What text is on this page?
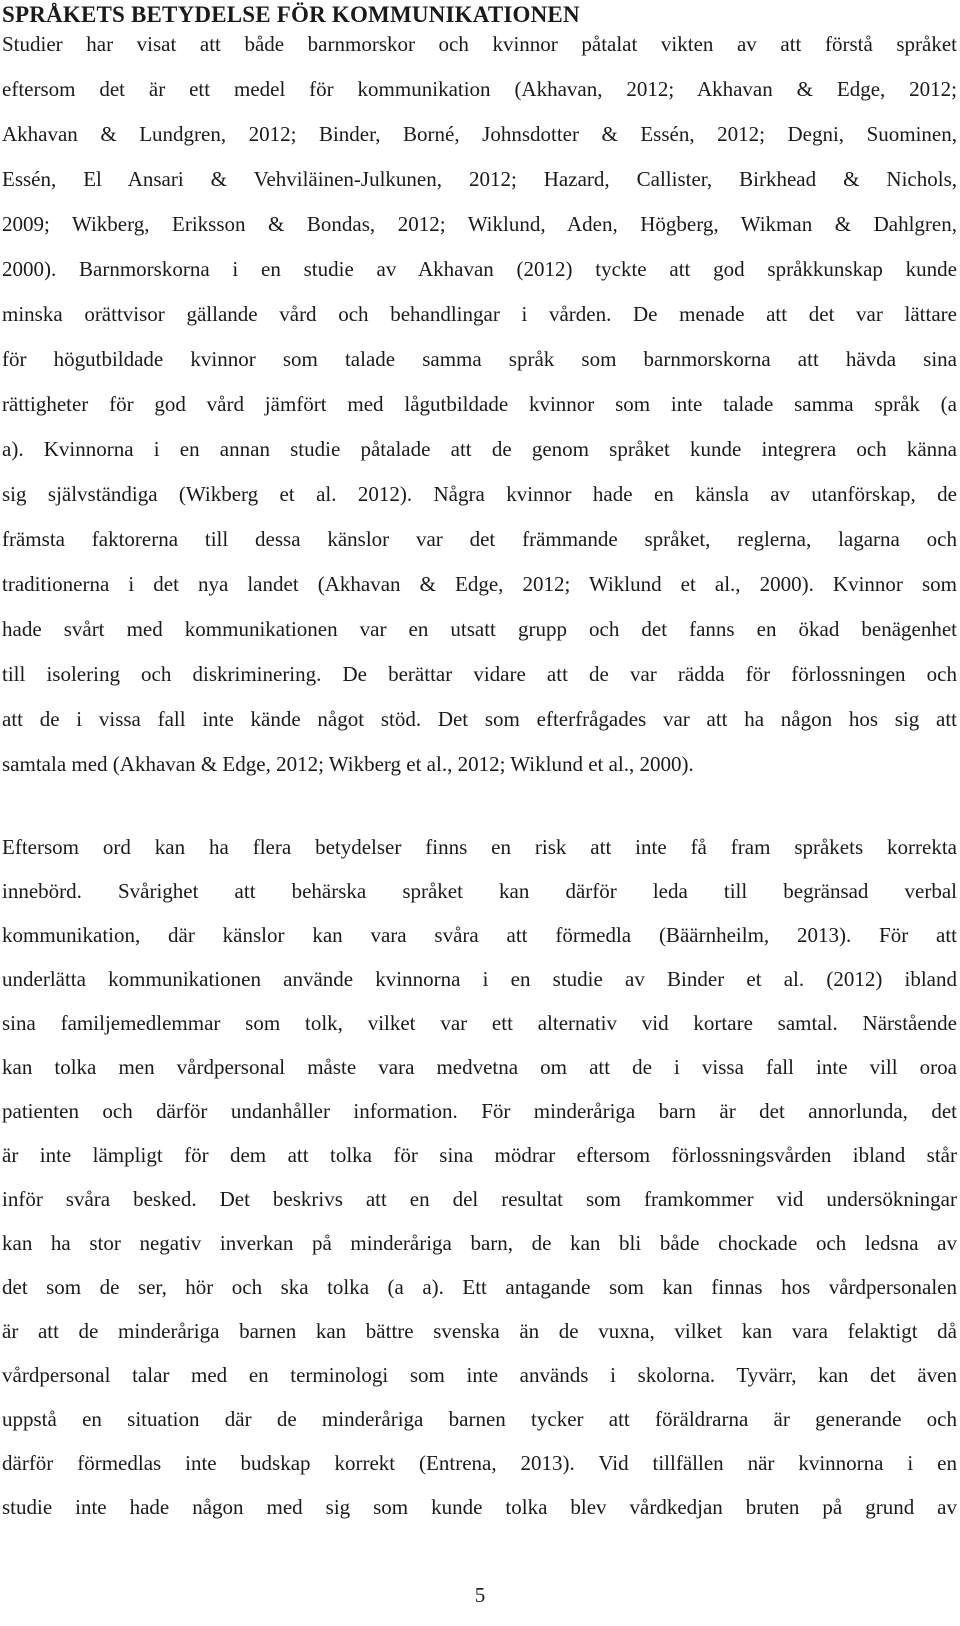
SPRÅKETS BETYDELSE FÖR KOMMUNIKATIONEN
Studier har visat att både barnmorskor och kvinnor påtalat vikten av att förstå språket
eftersom det är ett medel för kommunikation (Akhavan, 2012; Akhavan & Edge, 2012;
Akhavan & Lundgren, 2012; Binder, Borné, Johnsdotter & Essén, 2012; Degni, Suominen,
Essén, El Ansari & Vehviläinen-Julkunen, 2012; Hazard, Callister, Birkhead & Nichols,
2009; Wikberg, Eriksson & Bondas, 2012; Wiklund, Aden, Högberg, Wikman & Dahlgren,
2000). Barnmorskorna i en studie av Akhavan (2012) tyckte att god språkkunskap kunde
minska orättvisor gällande vård och behandlingar i vården. De menade att det var lättare
för högutbildade kvinnor som talade samma språk som barnmorskorna att hävda sina
rättigheter för god vård jämfört med lågutbildade kvinnor som inte talade samma språk (a
a). Kvinnorna i en annan studie påtalade att de genom språket kunde integrera och känna
sig självständiga (Wikberg et al. 2012). Några kvinnor hade en känsla av utanförskap, de
främsta faktorerna till dessa känslor var det främmande språket, reglerna, lagarna och
traditionerna i det nya landet (Akhavan & Edge, 2012; Wiklund et al., 2000). Kvinnor som
hade svårt med kommunikationen var en utsatt grupp och det fanns en ökad benägenhet
till isolering och diskriminering. De berättar vidare att de var rädda för förlossningen och
att de i vissa fall inte kände något stöd. Det som efterfrågades var att ha någon hos sig att
samtala med (Akhavan & Edge, 2012; Wikberg et al., 2012; Wiklund et al., 2000).
Eftersom ord kan ha flera betydelser finns en risk att inte få fram språkets korrekta
innebörd. Svårighet att behärska språket kan därför leda till begränsad verbal
kommunikation, där känslor kan vara svåra att förmedla (Bäärnheilm, 2013). För att
underlätta kommunikationen använde kvinnorna i en studie av Binder et al. (2012) ibland
sina familjemedlemmar som tolk, vilket var ett alternativ vid kortare samtal. Närstående
kan tolka men vårdpersonal måste vara medvetna om att de i vissa fall inte vill oroa
patienten och därför undanhåller information. För minderåriga barn är det annorlunda, det
är inte lämpligt för dem att tolka för sina mödrar eftersom förlossningsvården ibland står
inför svåra besked. Det beskrivs att en del resultat som framkommer vid undersökningar
kan ha stor negativ inverkan på minderåriga barn, de kan bli både chockade och ledsna av
det som de ser, hör och ska tolka (a a). Ett antagande som kan finnas hos vårdpersonalen
är att de minderåriga barnen kan bättre svenska än de vuxna, vilket kan vara felaktigt då
vårdpersonal talar med en terminologi som inte används i skolorna. Tyvärr, kan det även
uppstå en situation där de minderåriga barnen tycker att föräldrarna är generande och
därför förmedlas inte budskap korrekt (Entrena, 2013). Vid tillfällen när kvinnorna i en
studie inte hade någon med sig som kunde tolka blev vårdkedjan bruten på grund av
5
